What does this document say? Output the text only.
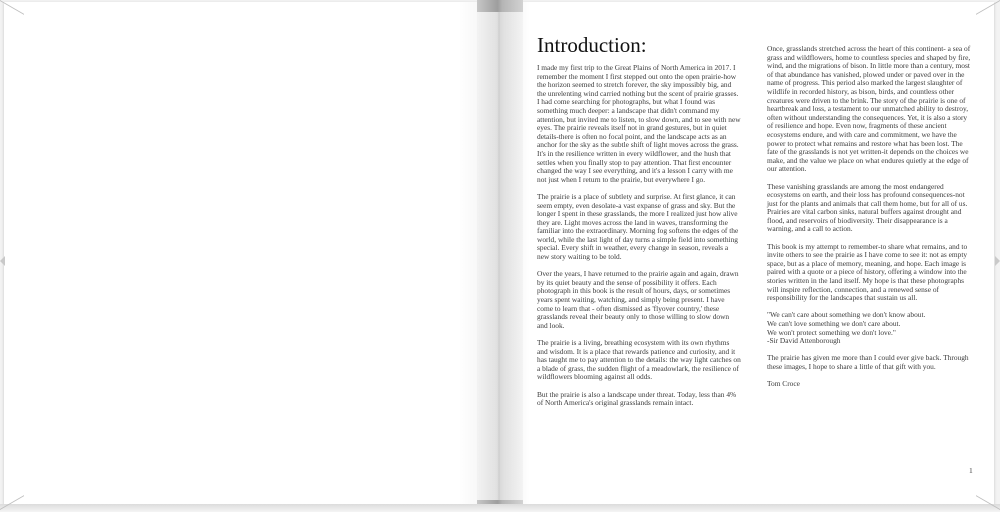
Introduction:

I made my first trip to the Great Plains of North America in 2017. I remember the moment I first stepped out onto the open prairie-how the horizon seemed to stretch forever, the sky impossibly big, and the unrelenting wind carried nothing but the scent of prairie grasses. I had come searching for photographs, but what I found was something much deeper: a landscape that didn't command my attention, but invited me to listen, to slow down, and to see with new eyes. The prairie reveals itself not in grand gestures, but in quiet details-there is often no focal point, and the landscape acts as an anchor for the sky as the subtle shift of light moves across the grass. It's in the resilience written in every wildflower, and the hush that settles when you finally stop to pay attention. That first encounter changed the way I see everything, and it's a lesson I carry with me not just when I return to the prairie, but everywhere I go.

The prairie is a place of subtlety and surprise. At first glance, it can seem empty, even desolate-a vast expanse of grass and sky. But the longer I spent in these grasslands, the more I realized just how alive they are. Light moves across the land in waves, transforming the familiar into the extraordinary. Morning fog softens the edges of the world, while the last light of day turns a simple field into something special. Every shift in weather, every change in season, reveals a new story waiting to be told.

Over the years, I have returned to the prairie again and again, drawn by its quiet beauty and the sense of possibility it offers. Each photograph in this book is the result of hours, days, or sometimes years spent waiting, watching, and simply being present. I have come to learn that - often dismissed as 'flyover country,' these grasslands reveal their beauty only to those willing to slow down and look.

The prairie is a living, breathing ecosystem with its own rhythms and wisdom. It is a place that rewards patience and curiosity, and it has taught me to pay attention to the details: the way light catches on a blade of grass, the sudden flight of a meadowlark, the resilience of wildflowers blooming against all odds.

But the prairie is also a landscape under threat. Today, less than 4% of North America's original grasslands remain intact.

Once, grasslands stretched across the heart of this continent- a sea of grass and wildflowers, home to countless species and shaped by fire, wind, and the migrations of bison. In little more than a century, most of that abundance has vanished, plowed under or paved over in the name of progress. This period also marked the largest slaughter of wildlife in recorded history, as bison, birds, and countless other creatures were driven to the brink. The story of the prairie is one of heartbreak and loss, a testament to our unmatched ability to destroy, often without understanding the consequences. Yet, it is also a story of resilience and hope. Even now, fragments of these ancient ecosystems endure, and with care and commitment, we have the power to protect what remains and restore what has been lost. The fate of the grasslands is not yet written-it depends on the choices we make, and the value we place on what endures quietly at the edge of our attention.

These vanishing grasslands are among the most endangered ecosystems on earth, and their loss has profound consequences-not just for the plants and animals that call them home, but for all of us. Prairies are vital carbon sinks, natural buffers against drought and flood, and reservoirs of biodiversity. Their disappearance is a warning, and a call to action.

This book is my attempt to remember-to share what remains, and to invite others to see the prairie as I have come to see it: not as empty space, but as a place of memory, meaning, and hope. Each image is paired with a quote or a piece of history, offering a window into the stories written in the land itself. My hope is that these photographs will inspire reflection, connection, and a renewed sense of responsibility for the landscapes that sustain us all.

"We can't care about something we don't know about.
We can't love something we don't care about.
We won't protect something we don't love."
-Sir David Attenborough

The prairie has given me more than I could ever give back. Through these images, I hope to share a little of that gift with you.

Tom Croce

1
